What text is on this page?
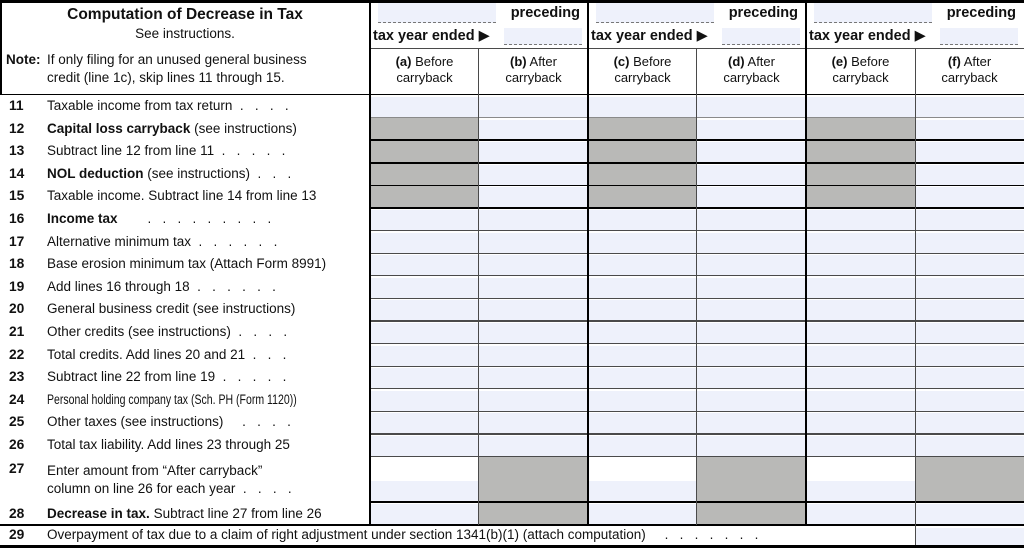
Computation of Decrease in Tax
See instructions.
Note: If only filing for an unused general business
credit (line 1c), skip lines 11 through 15.
preceding
tax year ended ▶
(a) Before
carryback
(b) After
carryback
preceding
tax year ended ▶
(c) Before
carryback
(d) After
carryback
preceding
tax year ended ▶
(e) Before
carryback
(f) After
carryback
11	Taxable income from tax return  .   .   .   .
12	Capital loss carryback (see instructions)
13	Subtract line 12 from line 11  .   .   .   .   .
14	NOL deduction (see instructions)  .   .   .
15	Taxable income. Subtract line 14 from line 13
16	Income tax        .   .   .   .   .   .   .   .   .
17	Alternative minimum tax  .   .   .   .   .   .
18	Base erosion minimum tax (Attach Form 8991)
19	Add lines 16 through 18  .   .   .   .   .   .
20	General business credit (see instructions)
21	Other credits (see instructions)  .   .   .   .
22	Total credits. Add lines 20 and 21  .   .   .
23	Subtract line 22 from line 19  .   .   .   .   .
24	Personal holding company tax (Sch. PH (Form 1120))
25	Other taxes (see instructions)     .   .   .   .
26	Total tax liability. Add lines 23 through 25
27	Enter amount from “After carryback”
column on line 26 for each year  .   .   .   .
28	Decrease in tax. Subtract line 27 from line 26
29	Overpayment of tax due to a claim of right adjustment under section 1341(b)(1) (attach computation)     .   .   .   .   .   .   .
